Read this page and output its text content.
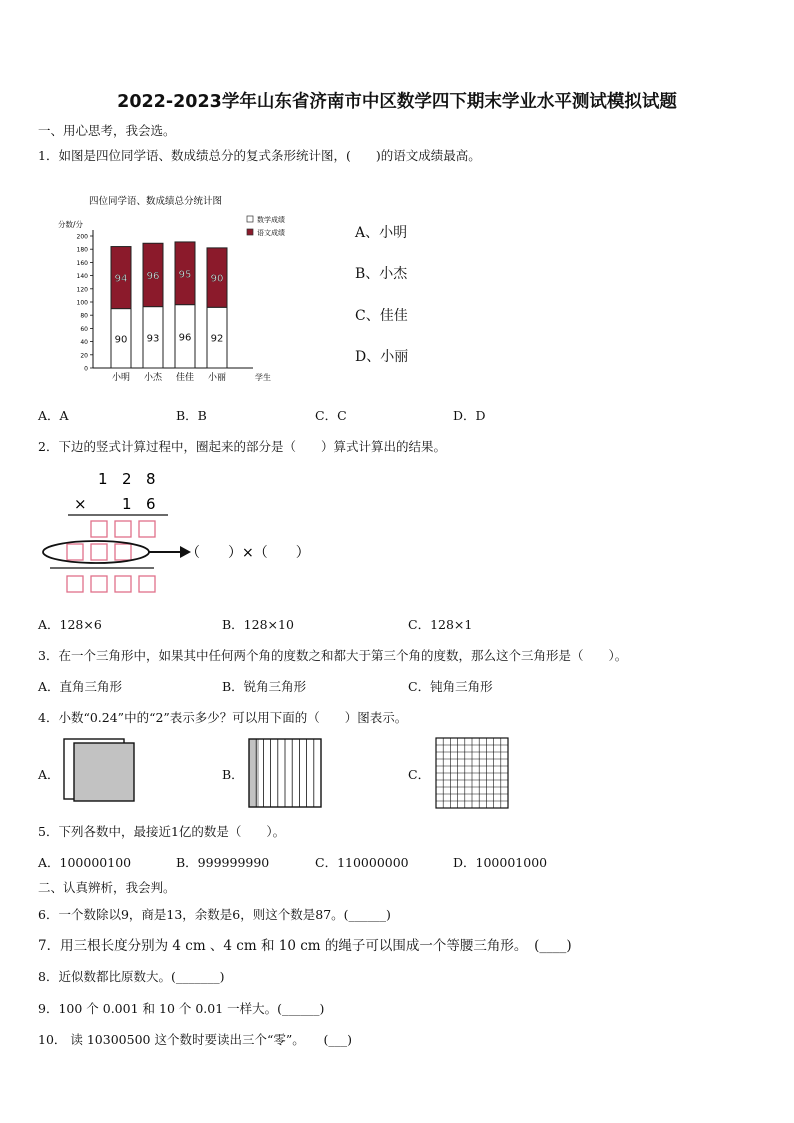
2022-2023学年山东省济南市中区数学四下期末学业水平测试模拟试题
一、用心思考，我会选。
1．如图是四位同学语、数成绩总分的复式条形统计图，(　　)的语文成绩最高。
四位同学语、数成绩总分统计图
分数/分
学生
数学成绩
语文成绩
0
20
40
60
80
100
120
140
160
180
200
90
94
小明
93
96
小杰
96
95
佳佳
92
90
小丽
A、小明
B、小杰
C、佳佳
D、小丽
A．A	B．B	C．C	D．D
2．下边的竖式计算过程中，圈起来的部分是（　　）算式计算出的结果。
1 2 8
× 1 6
（　　）×（　　）
A．128×6	B．128×10	C．128×1
3．在一个三角形中，如果其中任何两个角的度数之和都大于第三个角的度数，那么这个三角形是（　　）。
A．直角三角形	B．锐角三角形	C．钝角三角形
4．小数“0.24”中的“2”表示多少？可以用下面的（　　）图表示。
A．	B．	C．
5．下列各数中，最接近1亿的数是（　　）。
A．100000100	B．999999990	C．110000000	D．100001000
二、认真辨析，我会判。
6．一个数除以9，商是13，余数是6，则这个数是87。(______)
7．用三根长度分别为 4 cm 、4 cm 和 10 cm 的绳子可以围成一个等腰三角形。　(____)
8．近似数都比原数大。(_______)
9．100 个 0.001 和 10 个 0.01 一样大。(______)
10． 读 10300500 这个数时要读出三个“零”。　　(___)
